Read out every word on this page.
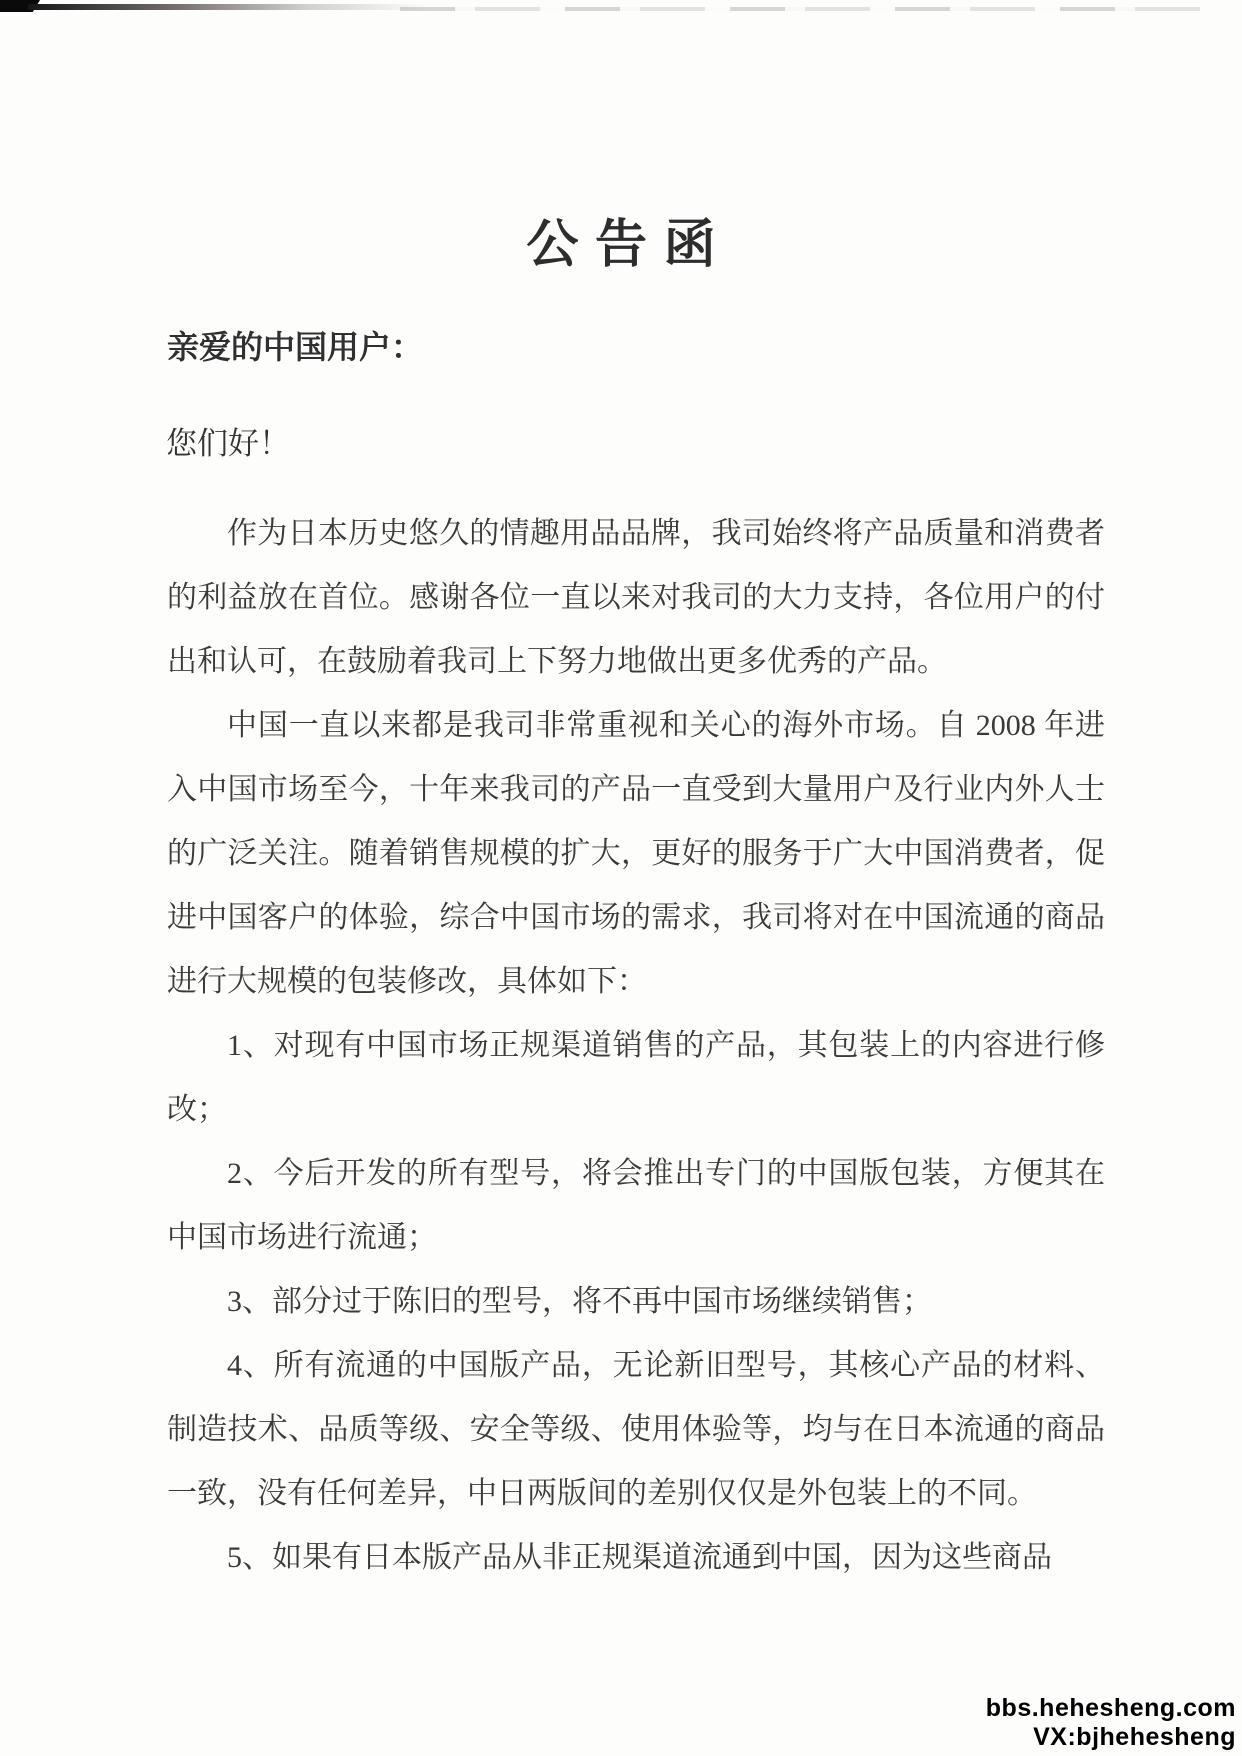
公告函
亲爱的中国用户：
您们好！

作为日本历史悠久的情趣用品品牌，我司始终将产品质量和消费者的利益放在首位。感谢各位一直以来对我司的大力支持，各位用户的付出和认可，在鼓励着我司上下努力地做出更多优秀的产品。

中国一直以来都是我司非常重视和关心的海外市场。自 2008 年进入中国市场至今，十年来我司的产品一直受到大量用户及行业内外人士的广泛关注。随着销售规模的扩大，更好的服务于广大中国消费者，促进中国客户的体验，综合中国市场的需求，我司将对在中国流通的商品进行大规模的包装修改，具体如下：

1、对现有中国市场正规渠道销售的产品，其包装上的内容进行修改；

2、今后开发的所有型号，将会推出专门的中国版包装，方便其在中国市场进行流通；

3、部分过于陈旧的型号，将不再中国市场继续销售；

4、所有流通的中国版产品，无论新旧型号，其核心产品的材料、制造技术、品质等级、安全等级、使用体验等，均与在日本流通的商品一致，没有任何差异，中日两版间的差别仅仅是外包装上的不同。

5、如果有日本版产品从非正规渠道流通到中国，因为这些商品

bbs.hehesheng.com
VX:bjhehesheng
